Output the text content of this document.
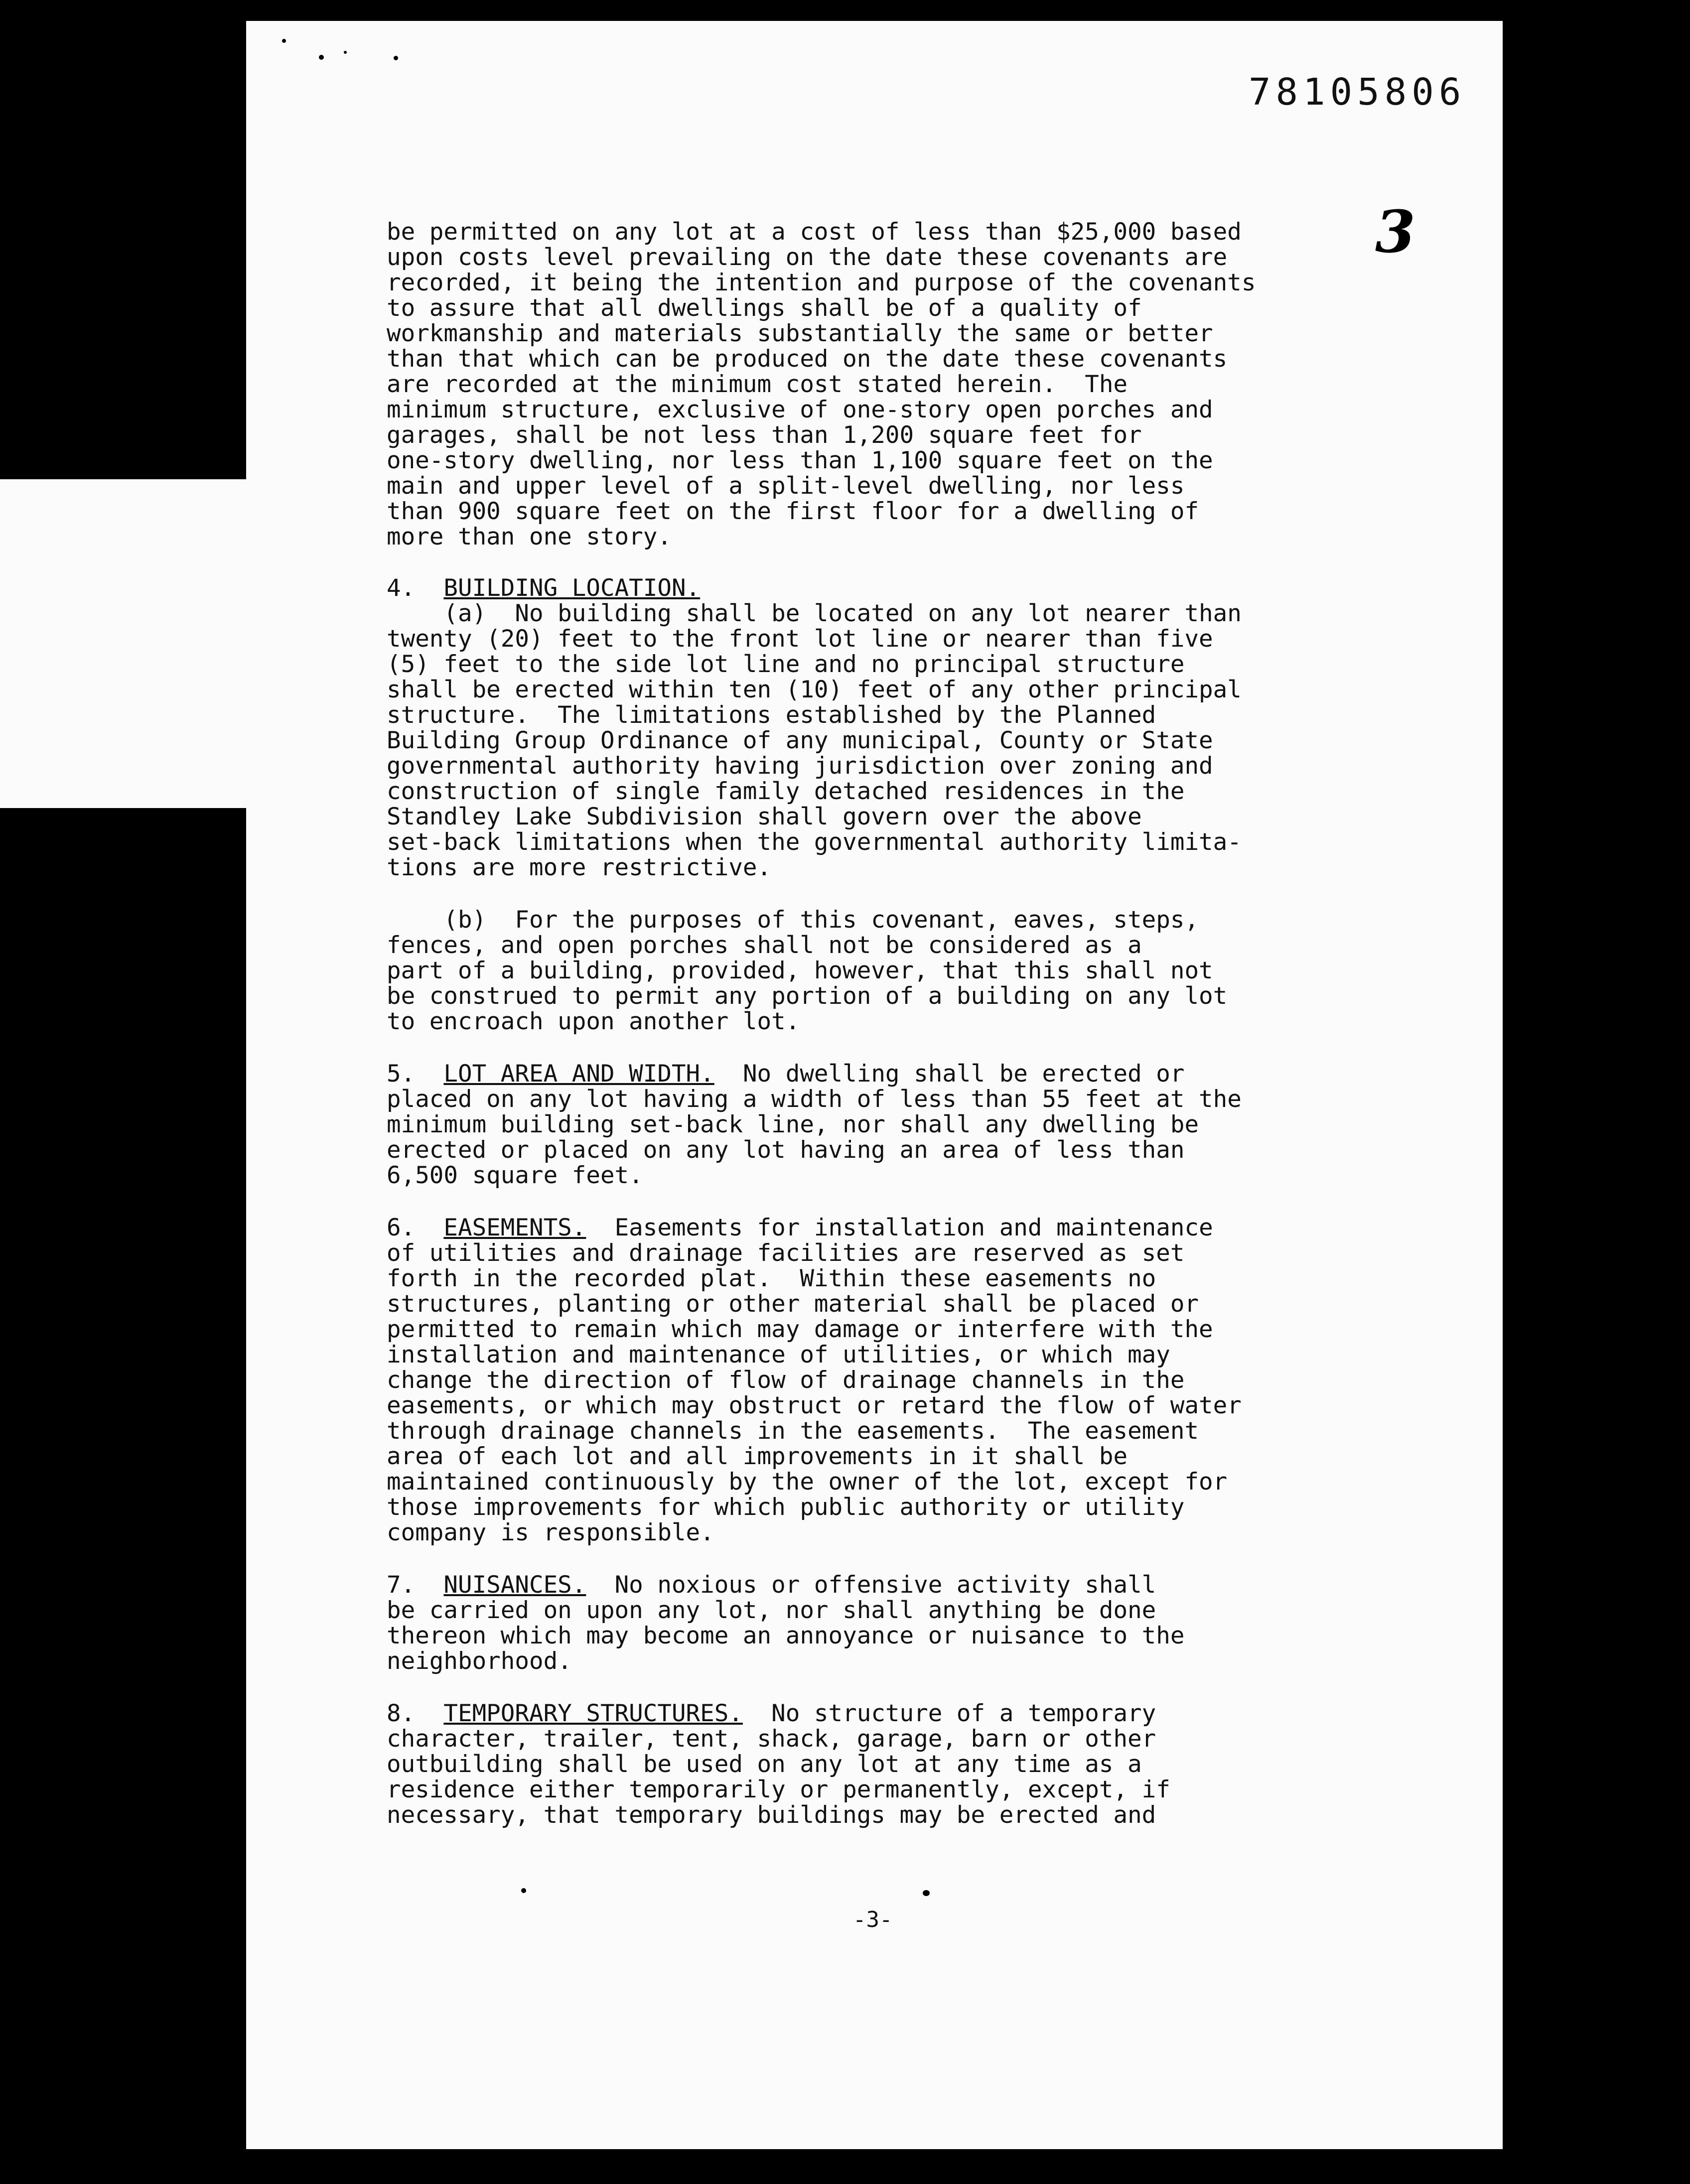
78105806

3

be permitted on any lot at a cost of less than $25,000 based
upon costs level prevailing on the date these covenants are
recorded, it being the intention and purpose of the covenants
to assure that all dwellings shall be of a quality of
workmanship and materials substantially the same or better
than that which can be produced on the date these covenants
are recorded at the minimum cost stated herein.  The
minimum structure, exclusive of one-story open porches and
garages, shall be not less than 1,200 square feet for
one-story dwelling, nor less than 1,100 square feet on the
main and upper level of a split-level dwelling, nor less
than 900 square feet on the first floor for a dwelling of
more than one story.
4.  BUILDING LOCATION.
(a)  No building shall be located on any lot nearer than
twenty (20) feet to the front lot line or nearer than five
(5) feet to the side lot line and no principal structure
shall be erected within ten (10) feet of any other principal
structure.  The limitations established by the Planned
Building Group Ordinance of any municipal, County or State
governmental authority having jurisdiction over zoning and
construction of single family detached residences in the
Standley Lake Subdivision shall govern over the above
set-back limitations when the governmental authority limita-
tions are more restrictive.
(b)  For the purposes of this covenant, eaves, steps,
fences, and open porches shall not be considered as a
part of a building, provided, however, that this shall not
be construed to permit any portion of a building on any lot
to encroach upon another lot.
5.  LOT AREA AND WIDTH.  No dwelling shall be erected or
placed on any lot having a width of less than 55 feet at the
minimum building set-back line, nor shall any dwelling be
erected or placed on any lot having an area of less than
6,500 square feet.
6.  EASEMENTS.  Easements for installation and maintenance
of utilities and drainage facilities are reserved as set
forth in the recorded plat.  Within these easements no
structures, planting or other material shall be placed or
permitted to remain which may damage or interfere with the
installation and maintenance of utilities, or which may
change the direction of flow of drainage channels in the
easements, or which may obstruct or retard the flow of water
through drainage channels in the easements.  The easement
area of each lot and all improvements in it shall be
maintained continuously by the owner of the lot, except for
those improvements for which public authority or utility
company is responsible.
7.  NUISANCES.  No noxious or offensive activity shall
be carried on upon any lot, nor shall anything be done
thereon which may become an annoyance or nuisance to the
neighborhood.
8.  TEMPORARY STRUCTURES.  No structure of a temporary
character, trailer, tent, shack, garage, barn or other
outbuilding shall be used on any lot at any time as a
residence either temporarily or permanently, except, if
necessary, that temporary buildings may be erected and

-3-
